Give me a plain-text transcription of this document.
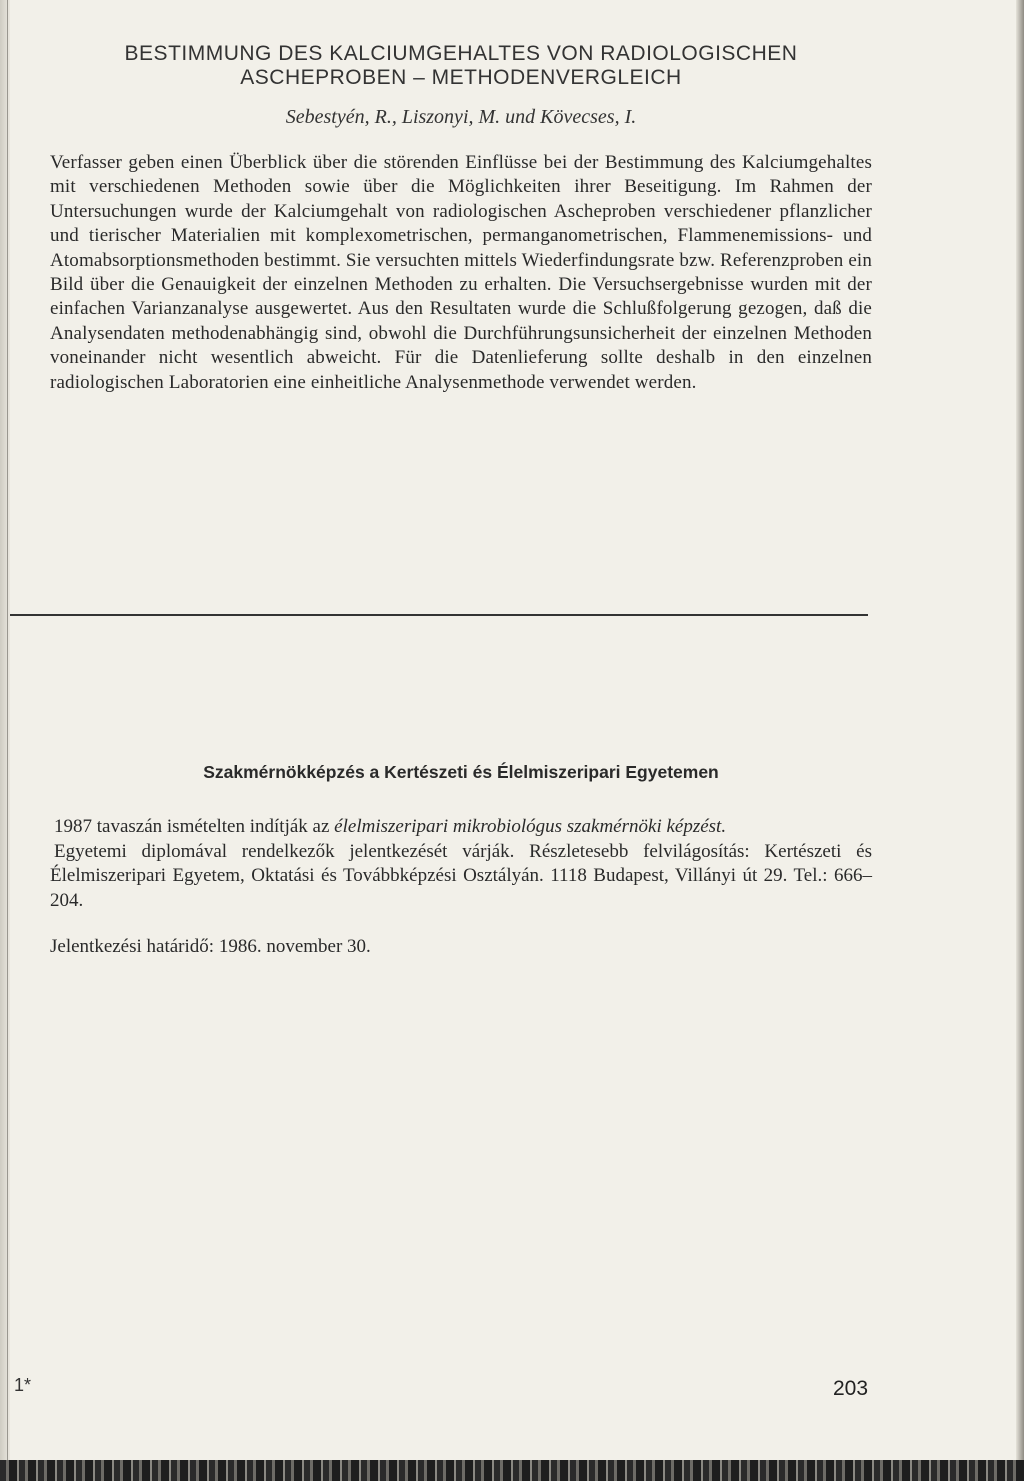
BESTIMMUNG DES KALCIUMGEHALTES VON RADIOLOGISCHEN
ASCHEPROBEN – METHODENVERGLEICH
Sebestyén, R., Liszonyi, M. und Kövecses, I.
Verfasser geben einen Überblick über die störenden Einflüsse bei der Bestimmung des Kalciumgehaltes mit verschiedenen Methoden sowie über die Möglichkeiten ihrer Beseitigung. Im Rahmen der Untersuchungen wurde der Kalciumgehalt von radiologischen Ascheproben verschiedener pflanzlicher und tierischer Materialien mit komplexometrischen, permanganometrischen, Flammenemissions- und Atomabsorptionsmethoden bestimmt. Sie versuchten mittels Wiederfindungsrate bzw. Referenzproben ein Bild über die Genauigkeit der einzelnen Methoden zu erhalten. Die Versuchsergebnisse wurden mit der einfachen Varianzanalyse ausgewertet. Aus den Resultaten wurde die Schlußfolgerung gezogen, daß die Analysendaten methodenabhängig sind, obwohl die Durchführungsunsicherheit der einzelnen Methoden voneinander nicht wesentlich abweicht. Für die Datenlieferung sollte deshalb in den einzelnen radiologischen Laboratorien eine einheitliche Analysenmethode verwendet werden.
Szakmérnökképzés a Kertészeti és Élelmiszeripari Egyetemen

1987 tavaszán ismételten indítják az élelmiszeripari mikrobiológus szakmérnöki képzést.

Egyetemi diplomával rendelkezők jelentkezését várják. Részletesebb felvilágosítás: Kertészeti és Élelmiszeripari Egyetem, Oktatási és Továbbképzési Osztályán. 1118 Budapest, Villányi út 29. Tel.: 666–204.

Jelentkezési határidő: 1986. november 30.

1*	203
